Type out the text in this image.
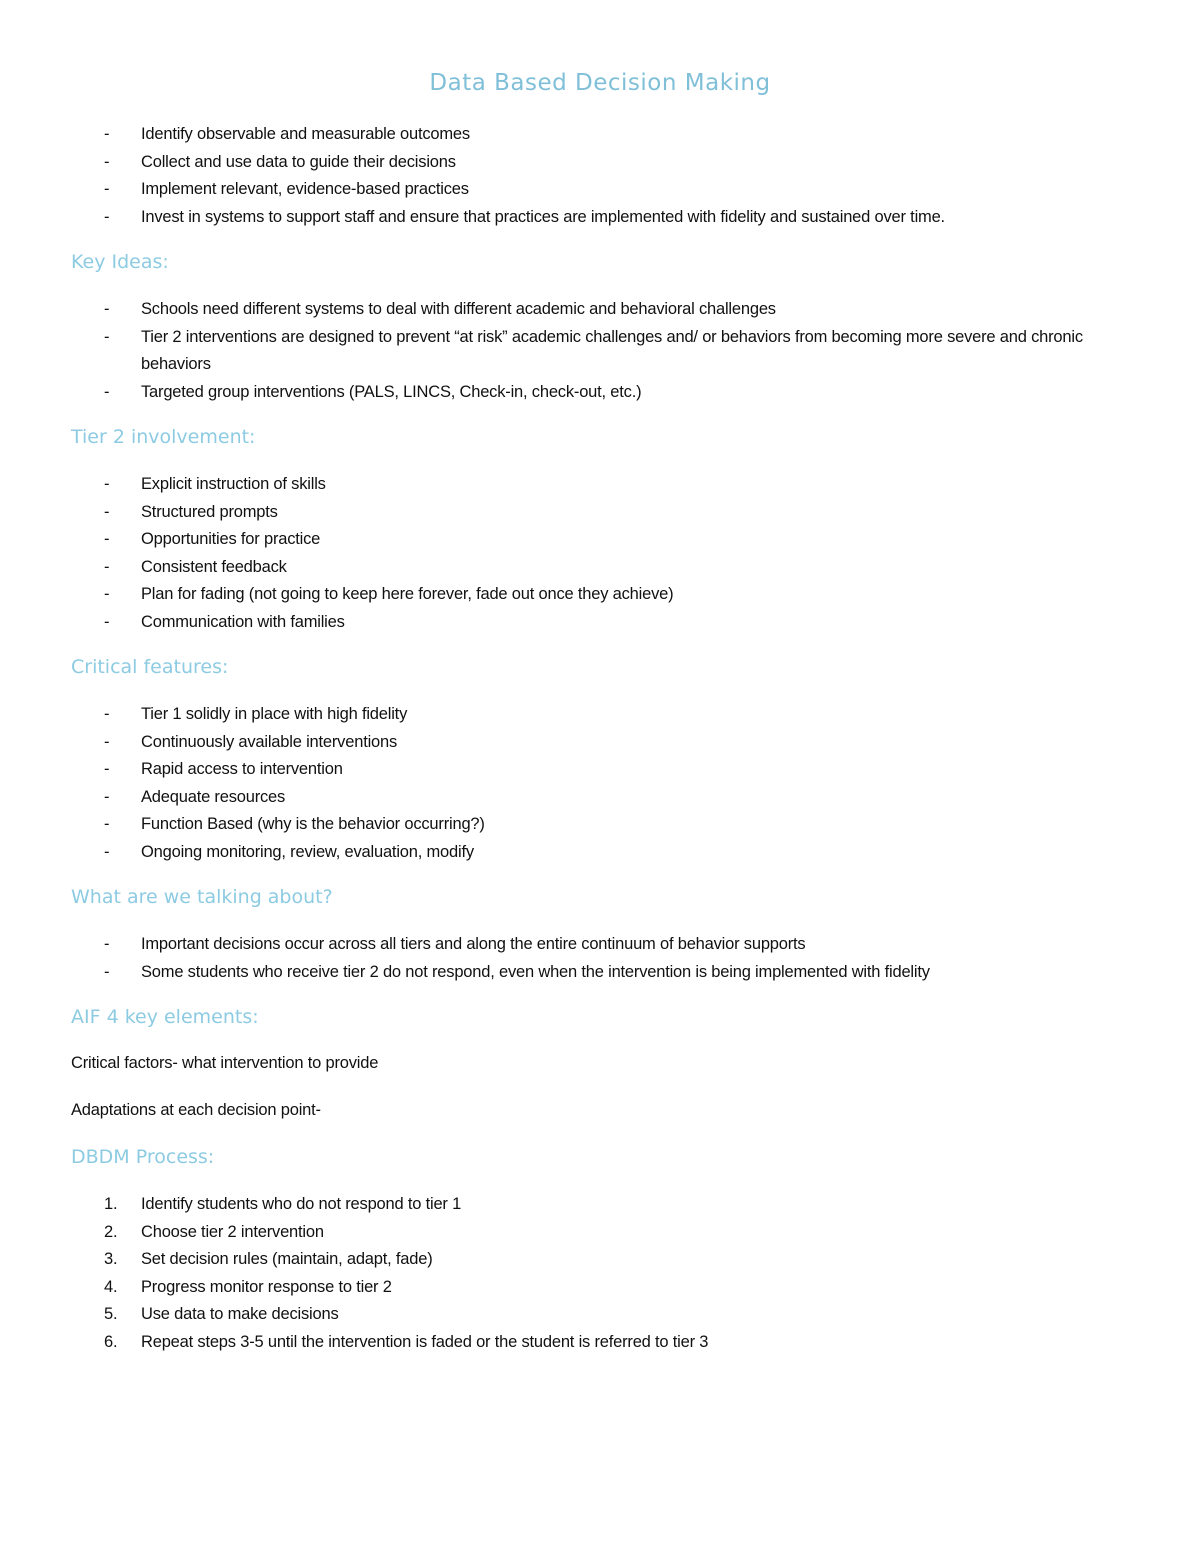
Data Based Decision Making
- Identify observable and measurable outcomes
- Collect and use data to guide their decisions
- Implement relevant, evidence-based practices
- Invest in systems to support staff and ensure that practices are implemented with fidelity and sustained over time.
Key Ideas:
- Schools need different systems to deal with different academic and behavioral challenges
- Tier 2 interventions are designed to prevent “at risk” academic challenges and/ or behaviors from becoming more severe and chronic behaviors
- Targeted group interventions (PALS, LINCS, Check-in, check-out, etc.)
Tier 2 involvement:
- Explicit instruction of skills
- Structured prompts
- Opportunities for practice
- Consistent feedback
- Plan for fading (not going to keep here forever, fade out once they achieve)
- Communication with families
Critical features:
- Tier 1 solidly in place with high fidelity
- Continuously available interventions
- Rapid access to intervention
- Adequate resources
- Function Based (why is the behavior occurring?)
- Ongoing monitoring, review, evaluation, modify
What are we talking about?
- Important decisions occur across all tiers and along the entire continuum of behavior supports
- Some students who receive tier 2 do not respond, even when the intervention is being implemented with fidelity
AIF 4 key elements:

Critical factors- what intervention to provide

Adaptations at each decision point-

DBDM Process:
1. Identify students who do not respond to tier 1
2. Choose tier 2 intervention
3. Set decision rules (maintain, adapt, fade)
4. Progress monitor response to tier 2
5. Use data to make decisions
6. Repeat steps 3-5 until the intervention is faded or the student is referred to tier 3
